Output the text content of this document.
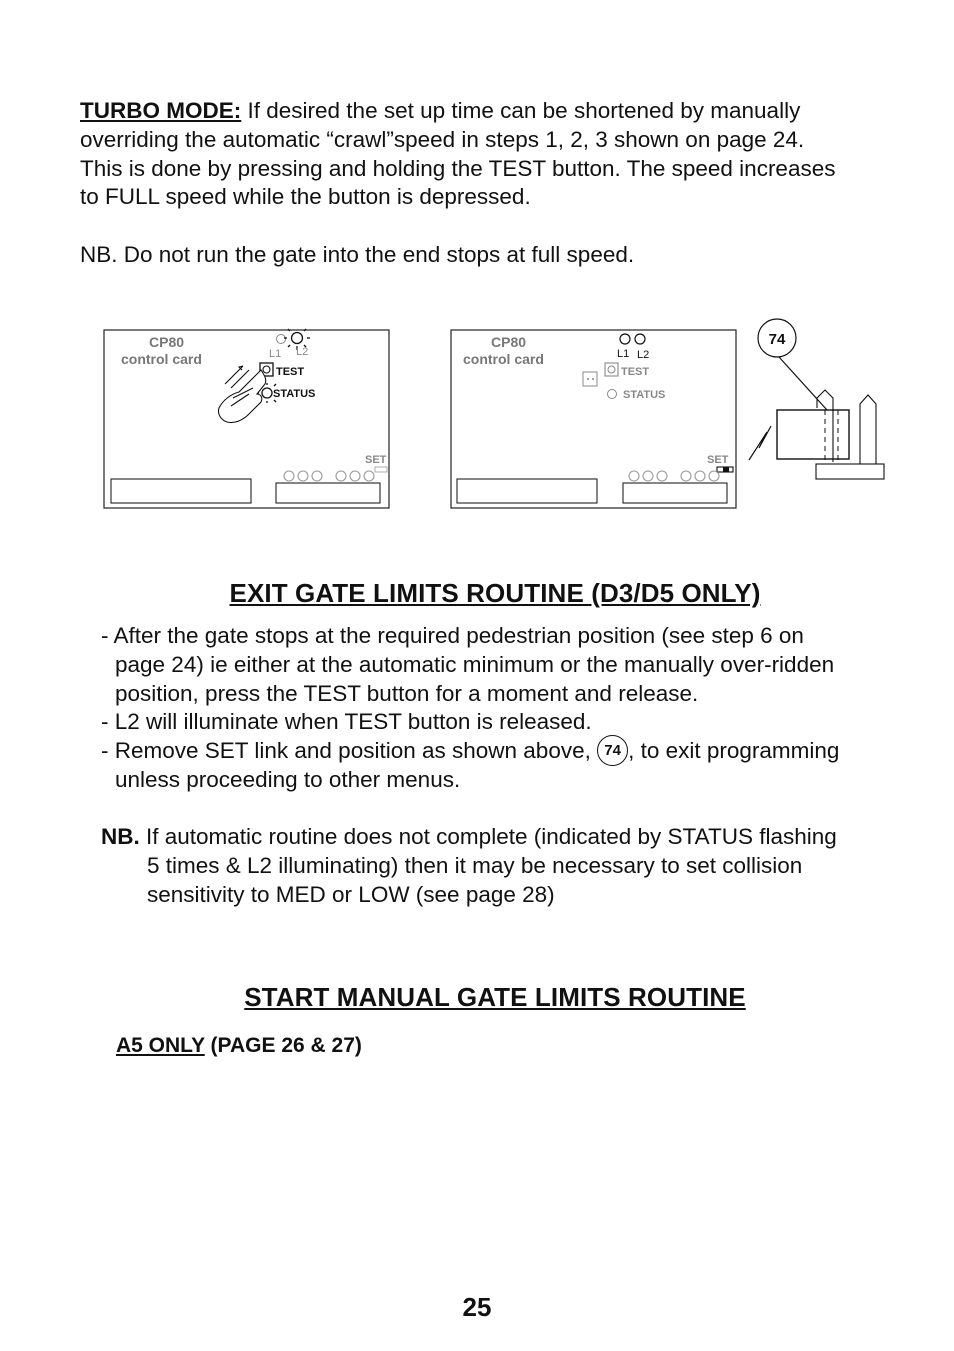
TURBO MODE: If desired the set up time can be shortened by manually
overriding the automatic “crawl”speed in steps 1, 2, 3 shown on page 24.
This is done by pressing and holding the TEST button. The speed increases
to FULL speed while the button is depressed.
NB. Do not run the gate into the end stops at full speed.
CP80
control card	L1 L2
TEST
STATUS
SET
CP80
control card	L1 L2
TEST
STATUS
SET
74
EXIT GATE LIMITS ROUTINE (D3/D5 ONLY)
- After the gate stops at the required pedestrian position (see step 6 on
page 24) ie either at the automatic minimum or the manually over-ridden
position, press the TEST button for a moment and release.
- L2 will illuminate when TEST button is released.
- Remove SET link and position as shown above, 74 , to exit programming
unless proceeding to other menus.
NB. If automatic routine does not complete (indicated by STATUS flashing
5 times & L2 illuminating) then it may be necessary to set collision
sensitivity to MED or LOW (see page 28)
START MANUAL GATE LIMITS ROUTINE
A5 ONLY (PAGE 26 & 27)
25
